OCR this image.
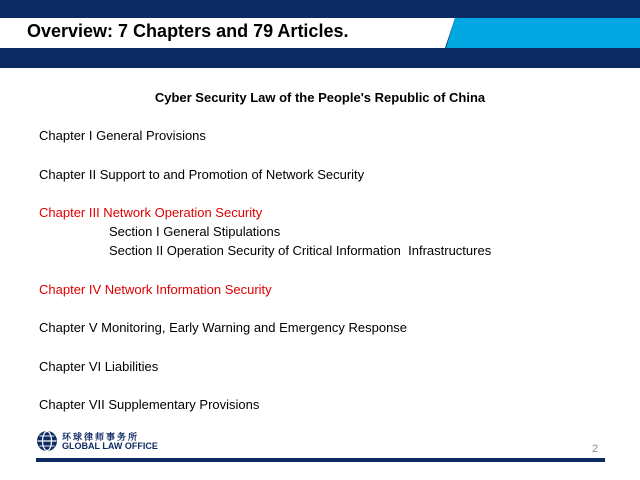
Overview: 7 Chapters and 79 Articles.
Cyber Security Law of the People's Republic of China
Chapter I General Provisions
Chapter II Support to and Promotion of Network Security
Chapter III Network Operation Security
Section I General Stipulations
Section II Operation Security of Critical Information  Infrastructures
Chapter IV Network Information Security
Chapter V Monitoring, Early Warning and Emergency Response
Chapter VI Liabilities
Chapter VII Supplementary Provisions
环球律师事务所
GLOBAL LAW OFFICE	2
